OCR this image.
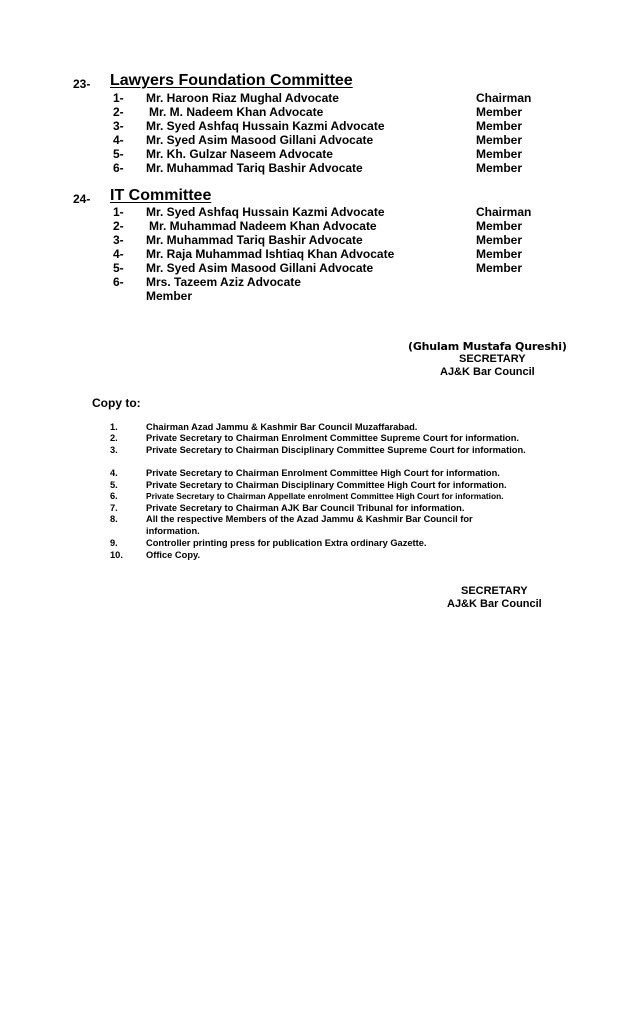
23- Lawyers Foundation Committee
1- Mr. Haroon Riaz Mughal Advocate	Chairman
2- Mr. M. Nadeem Khan Advocate	Member
3- Mr. Syed Ashfaq Hussain Kazmi Advocate	Member
4- Mr. Syed Asim Masood Gillani Advocate	Member
5- Mr. Kh. Gulzar Naseem Advocate	Member
6- Mr. Muhammad Tariq Bashir Advocate	Member
24- IT Committee
1- Mr. Syed Ashfaq Hussain Kazmi Advocate	Chairman
2- Mr. Muhammad Nadeem Khan Advocate	Member
3- Mr. Muhammad Tariq Bashir Advocate	Member
4- Mr. Raja Muhammad Ishtiaq Khan Advocate	Member
5- Mr. Syed Asim Masood Gillani Advocate	Member
6- Mrs. Tazeem Aziz Advocate
Member
(Ghulam Mustafa Qureshi)
SECRETARY
AJ&K Bar Council
Copy to:
1.	Chairman Azad Jammu & Kashmir Bar Council Muzaffarabad.
2.	Private Secretary to Chairman Enrolment Committee Supreme Court for information.
3.	Private Secretary to Chairman Disciplinary Committee Supreme Court for information.
4.	Private Secretary to Chairman Enrolment Committee High Court for information.
5.	Private Secretary to Chairman Disciplinary Committee High Court for information.
6.	Private Secretary to Chairman Appellate enrolment Committee High Court for information.
7.	Private Secretary to Chairman AJK Bar Council Tribunal for information.
8.	All the respective Members of the Azad Jammu & Kashmir Bar Council for information.
9.	Controller printing press for publication Extra ordinary Gazette.
10. Office Copy.
SECRETARY
AJ&K Bar Council
